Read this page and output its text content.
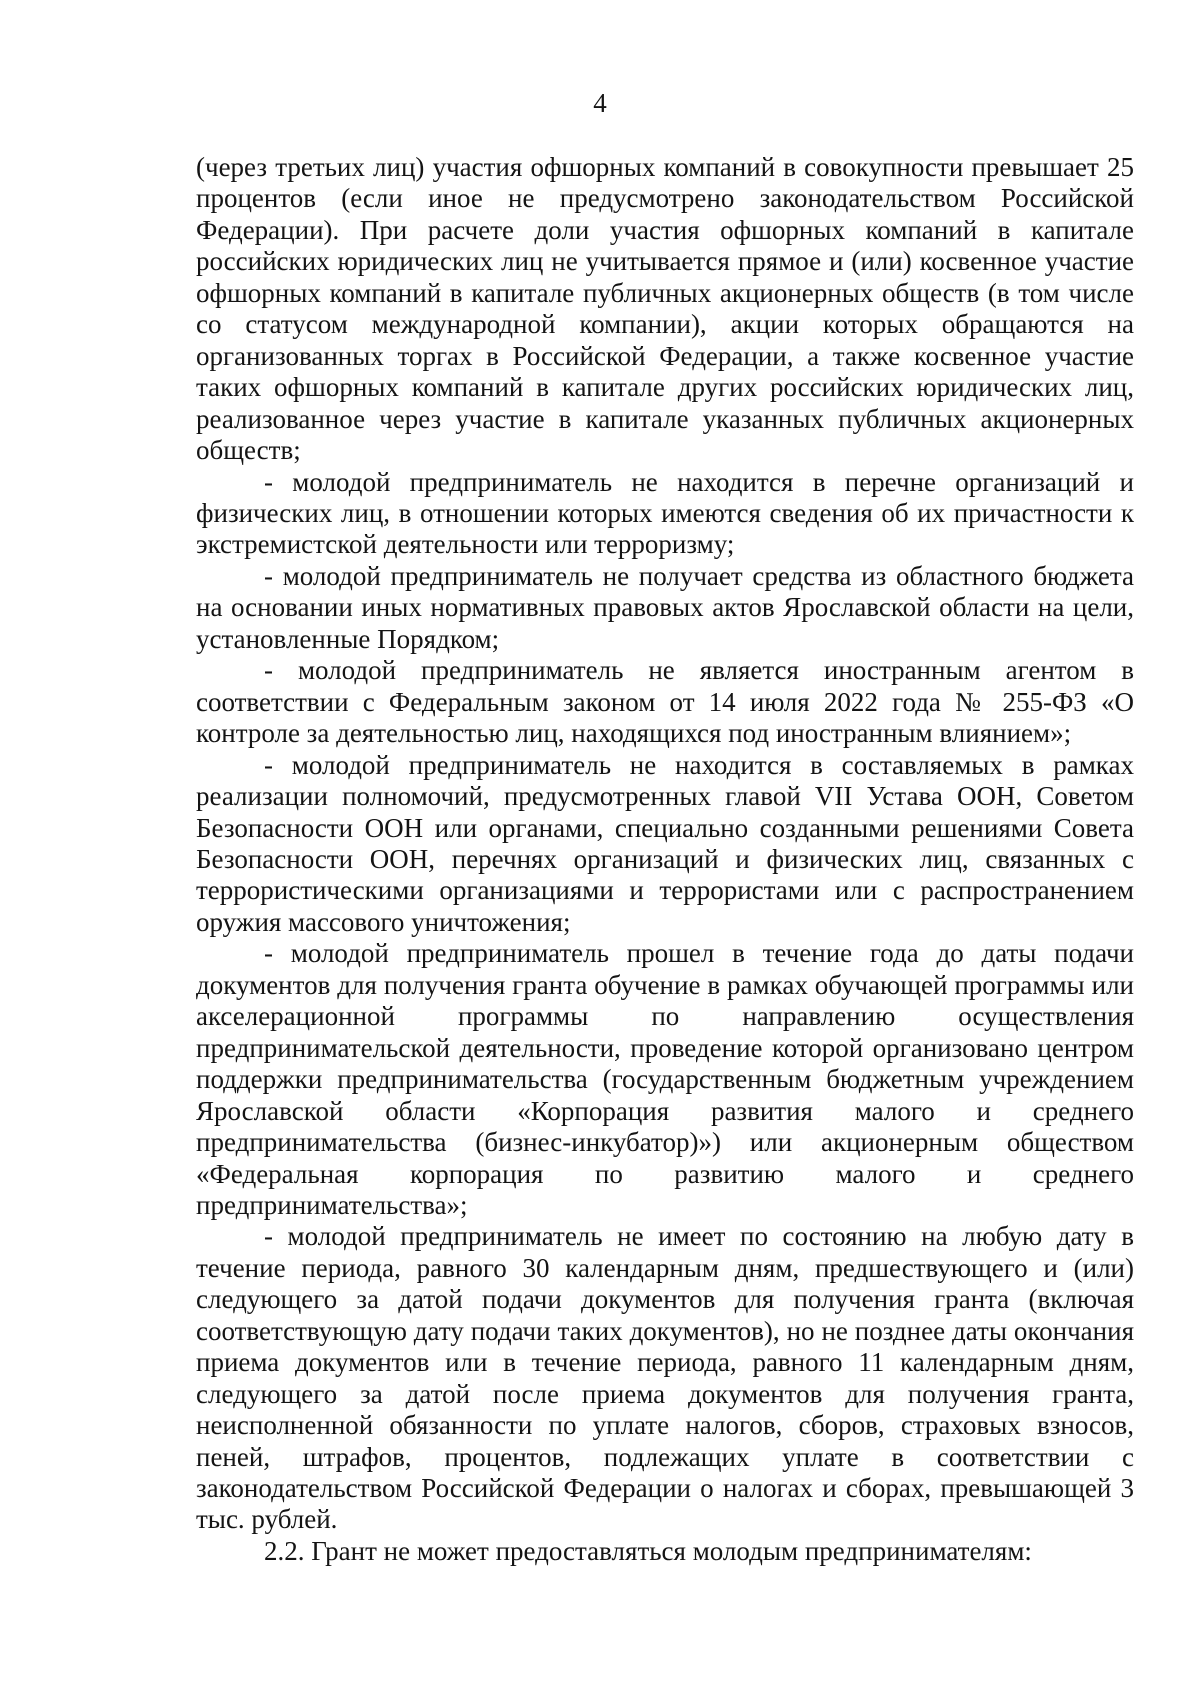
4

(через третьих лиц) участия офшорных компаний в совокупности превышает 25 процентов (если иное не предусмотрено законодательством Российской Федерации). При расчете доли участия офшорных компаний в капитале российских юридических лиц не учитывается прямое и (или) косвенное участие офшорных компаний в капитале публичных акционерных обществ (в том числе со статусом международной компании), акции которых обращаются на организованных торгах в Российской Федерации, а также косвенное участие таких офшорных компаний в капитале других российских юридических лиц, реализованное через участие в капитале указанных публичных акционерных обществ;

- молодой предприниматель не находится в перечне организаций и физических лиц, в отношении которых имеются сведения об их причастности к экстремистской деятельности или терроризму;

- молодой предприниматель не получает средства из областного бюджета на основании иных нормативных правовых актов Ярославской области на цели, установленные Порядком;

- молодой предприниматель не является иностранным агентом в соответствии с Федеральным законом от 14 июля 2022 года № 255-ФЗ «О контроле за деятельностью лиц, находящихся под иностранным влиянием»;

- молодой предприниматель не находится в составляемых в рамках реализации полномочий, предусмотренных главой VII Устава ООН, Советом Безопасности ООН или органами, специально созданными решениями Совета Безопасности ООН, перечнях организаций и физических лиц, связанных с террористическими организациями и террористами или с распространением оружия массового уничтожения;

- молодой предприниматель прошел в течение года до даты подачи документов для получения гранта обучение в рамках обучающей программы или акселерационной программы по направлению осуществления предпринимательской деятельности, проведение которой организовано центром поддержки предпринимательства (государственным бюджетным учреждением Ярославской области «Корпорация развития малого и среднего предпринимательства (бизнес-инкубатор)») или акционерным обществом «Федеральная корпорация по развитию малого и среднего предпринимательства»;

- молодой предприниматель не имеет по состоянию на любую дату в течение периода, равного 30 календарным дням, предшествующего и (или) следующего за датой подачи документов для получения гранта (включая соответствующую дату подачи таких документов), но не позднее даты окончания приема документов или в течение периода, равного 11 календарным дням, следующего за датой после приема документов для получения гранта, неисполненной обязанности по уплате налогов, сборов, страховых взносов, пеней, штрафов, процентов, подлежащих уплате в соответствии с законодательством Российской Федерации о налогах и сборах, превышающей 3 тыс. рублей.

2.2. Грант не может предоставляться молодым предпринимателям:
